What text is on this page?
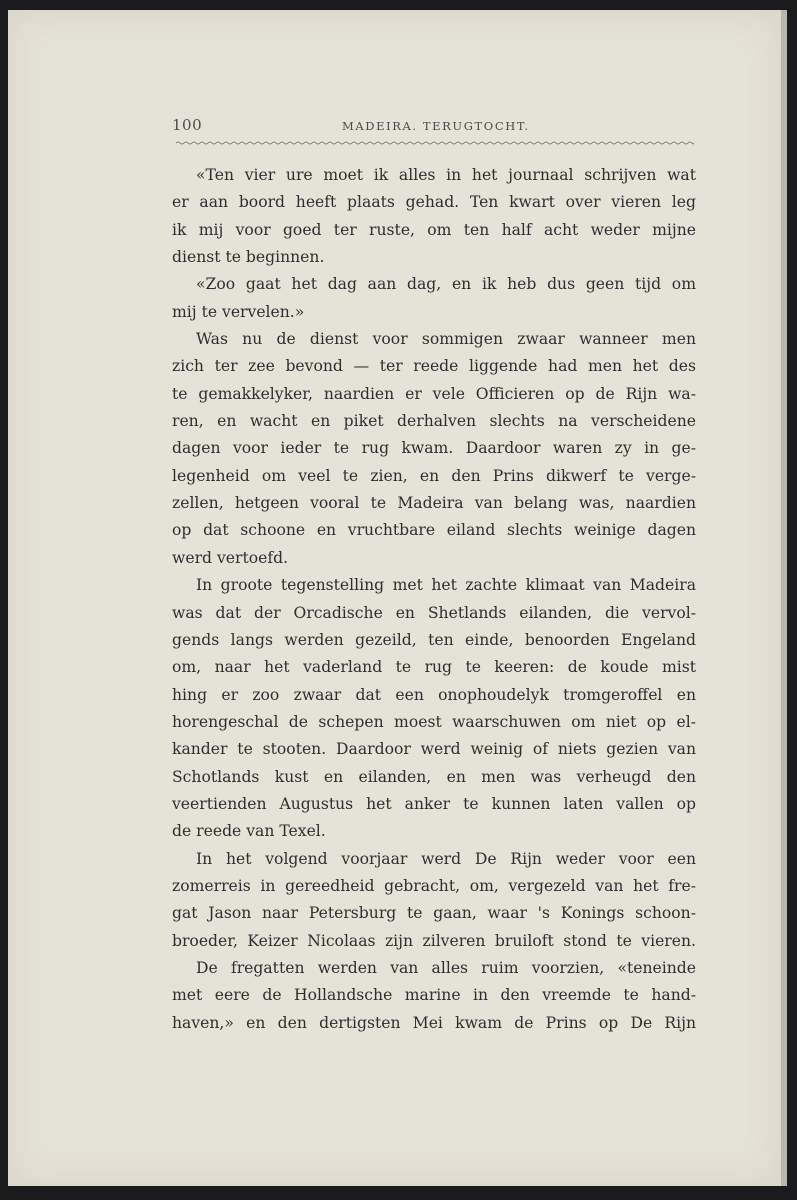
100	MADEIRA. TERUGTOCHT.
«Ten vier ure moet ik alles in het journaal schrijven wat
er aan boord heeft plaats gehad. Ten kwart over vieren leg
ik mij voor goed ter ruste, om ten half acht weder mijne
dienst te beginnen.
«Zoo gaat het dag aan dag, en ik heb dus geen tijd om
mij te vervelen.»
Was nu de dienst voor sommigen zwaar wanneer men
zich ter zee bevond — ter reede liggende had men het des
te gemakkelyker, naardien er vele Officieren op de Rijn wa-
ren, en wacht en piket derhalven slechts na verscheidene
dagen voor ieder te rug kwam. Daardoor waren zy in ge-
legenheid om veel te zien, en den Prins dikwerf te verge-
zellen, hetgeen vooral te Madeira van belang was, naardien
op dat schoone en vruchtbare eiland slechts weinige dagen
werd vertoefd.
In groote tegenstelling met het zachte klimaat van Madeira
was dat der Orcadische en Shetlands eilanden, die vervol-
gends langs werden gezeild, ten einde, benoorden Engeland
om, naar het vaderland te rug te keeren: de koude mist
hing er zoo zwaar dat een onophoudelyk tromgeroffel en
horengeschal de schepen moest waarschuwen om niet op el-
kander te stooten. Daardoor werd weinig of niets gezien van
Schotlands kust en eilanden, en men was verheugd den
veertienden Augustus het anker te kunnen laten vallen op
de reede van Texel.
In het volgend voorjaar werd De Rijn weder voor een
zomerreis in gereedheid gebracht, om, vergezeld van het fre-
gat Jason naar Petersburg te gaan, waar 's Konings schoon-
broeder, Keizer Nicolaas zijn zilveren bruiloft stond te vieren.
De fregatten werden van alles ruim voorzien, «teneinde
met eere de Hollandsche marine in den vreemde te hand-
haven,» en den dertigsten Mei kwam de Prins op De Rijn
